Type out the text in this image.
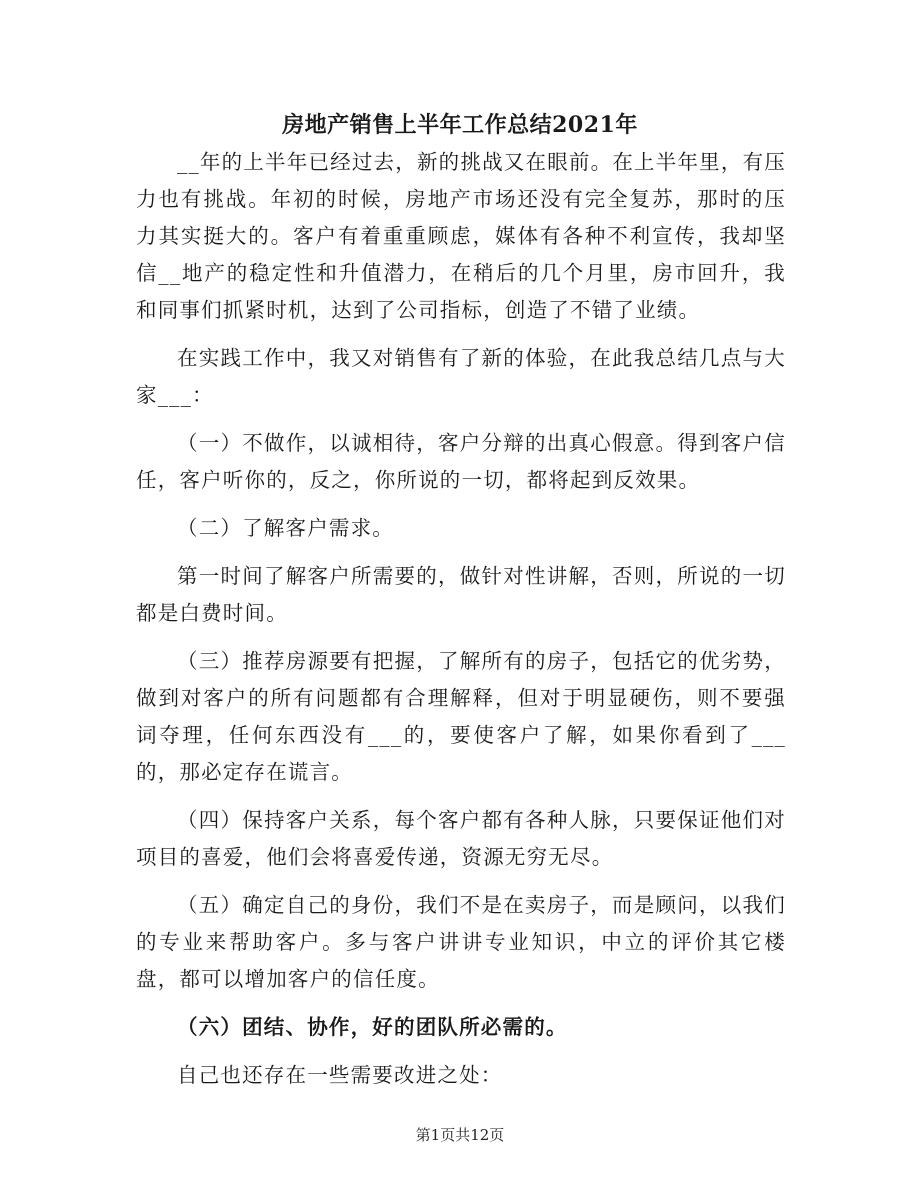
房地产销售上半年工作总结2021年

__年的上半年已经过去，新的挑战又在眼前。在上半年里，有压力也有挑战。年初的时候，房地产市场还没有完全复苏，那时的压力其实挺大的。客户有着重重顾虑，媒体有各种不利宣传，我却坚信__地产的稳定性和升值潜力，在稍后的几个月里，房市回升，我和同事们抓紧时机，达到了公司指标，创造了不错了业绩。

在实践工作中，我又对销售有了新的体验，在此我总结几点与大家___：

（一）不做作，以诚相待，客户分辩的出真心假意。得到客户信任，客户听你的，反之，你所说的一切，都将起到反效果。

（二）了解客户需求。

第一时间了解客户所需要的，做针对性讲解，否则，所说的一切都是白费时间。

（三）推荐房源要有把握，了解所有的房子，包括它的优劣势，做到对客户的所有问题都有合理解释，但对于明显硬伤，则不要强词夺理，任何东西没有___的，要使客户了解，如果你看到了___的，那必定存在谎言。

（四）保持客户关系，每个客户都有各种人脉，只要保证他们对项目的喜爱，他们会将喜爱传递，资源无穷无尽。

（五）确定自己的身份，我们不是在卖房子，而是顾问，以我们的专业来帮助客户。多与客户讲讲专业知识，中立的评价其它楼盘，都可以增加客户的信任度。

（六）团结、协作，好的团队所必需的。

自己也还存在一些需要改进之处：

第1页共12页
